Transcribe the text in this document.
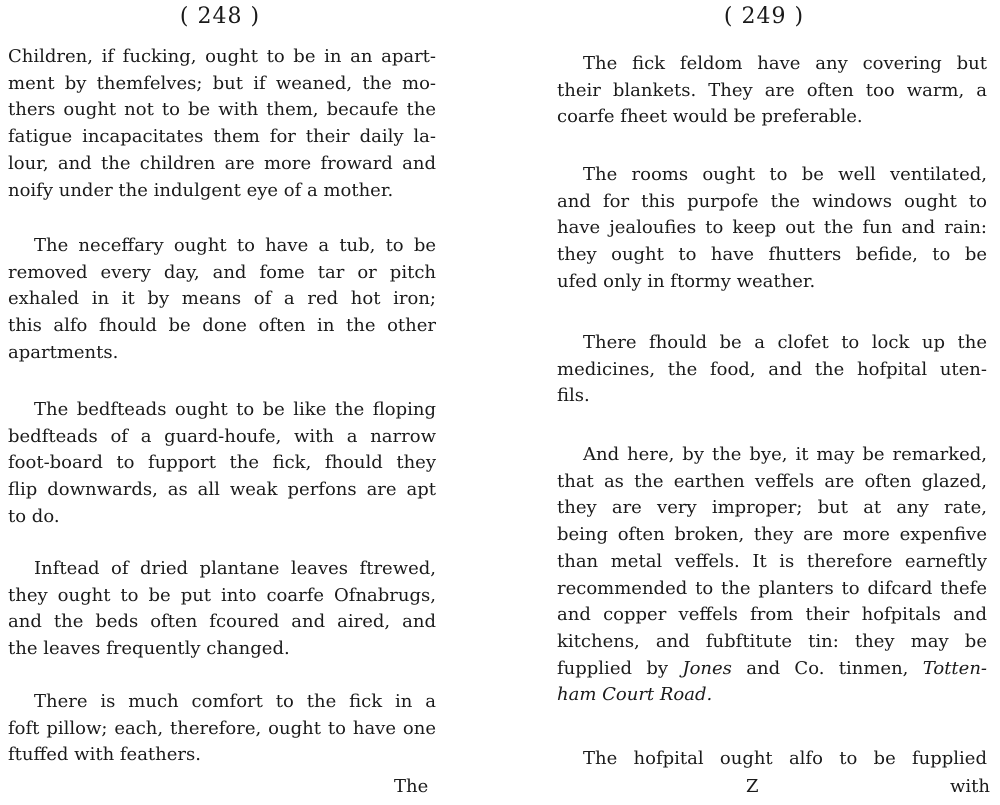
( 248 )
Children, if fucking, ought to be in an apart-
ment by themfelves; but if weaned, the mo-
thers ought not to be with them, becaufe the
fatigue incapacitates them for their daily la-
lour, and the children are more froward and
noify under the indulgent eye of a mother.
The neceffary ought to have a tub, to be
removed every day, and fome tar or pitch
exhaled in it by means of a red hot iron;
this alfo fhould be done often in the other
apartments.
The bedfteads ought to be like the floping
bedfteads of a guard-houfe, with a narrow
foot-board to fupport the fick, fhould they
flip downwards, as all weak perfons are apt
to do.
Inftead of dried plantane leaves ftrewed,
they ought to be put into coarfe Ofnabrugs,
and the beds often fcoured and aired, and
the leaves frequently changed.
There is much comfort to the fick in a
foft pillow; each, therefore, ought to have one
ftuffed with feathers.
The
( 249 )
The fick feldom have any covering but
their blankets. They are often too warm, a
coarfe fheet would be preferable.
The rooms ought to be well ventilated,
and for this purpofe the windows ought to
have jealoufies to keep out the fun and rain:
they ought to have fhutters befide, to be
ufed only in ftormy weather.
There fhould be a clofet to lock up the
medicines, the food, and the hofpital uten-
fils.
And here, by the bye, it may be remarked,
that as the earthen veffels are often glazed,
they are very improper; but at any rate,
being often broken, they are more expenfive
than metal veffels. It is therefore earneftly
recommended to the planters to difcard thefe
and copper veffels from their hofpitals and
kitchens, and fubftitute tin: they may be
fupplied by Jones and Co. tinmen, Totten-
ham Court Road.
The hofpital ought alfo to be fupplied
Z	with
